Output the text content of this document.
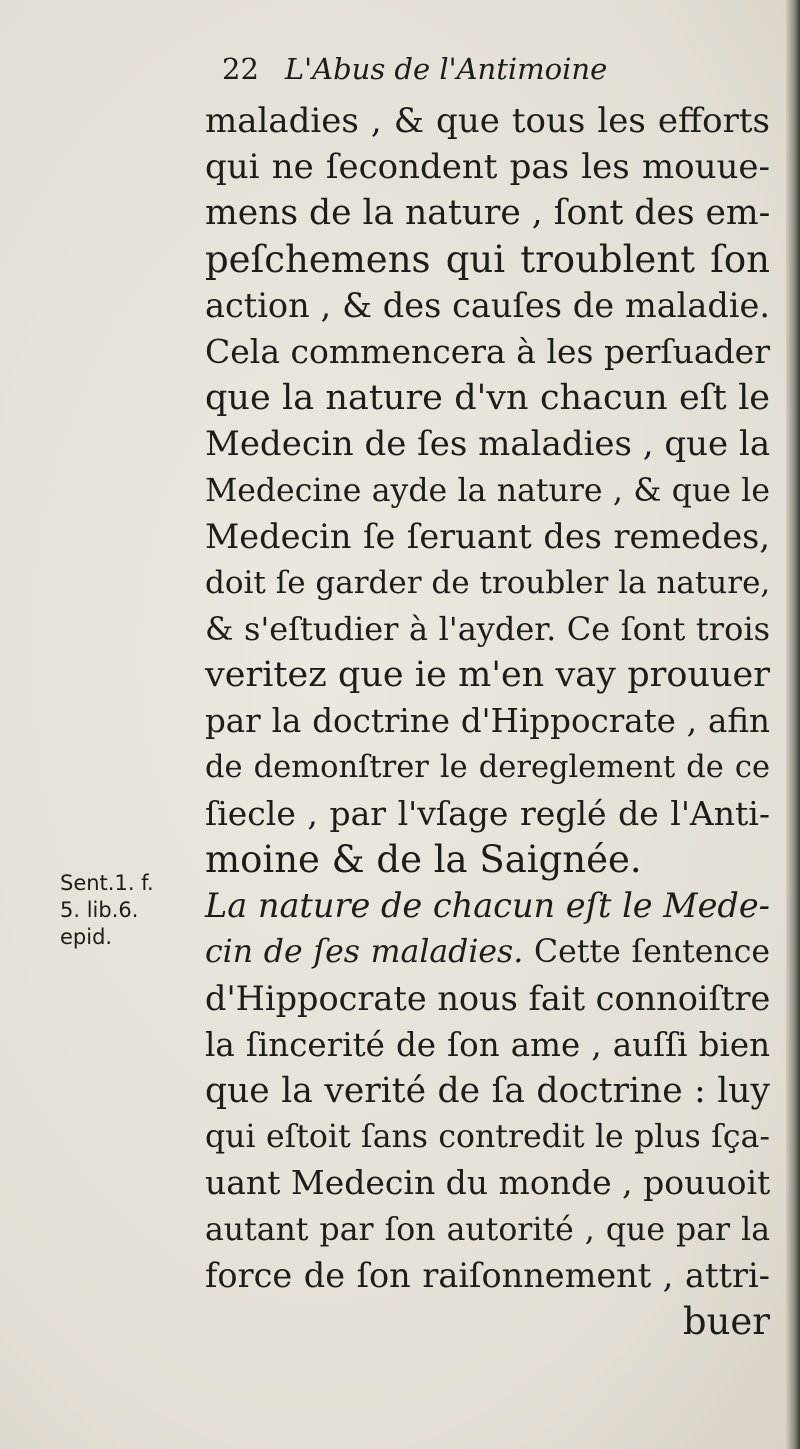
22 L'Abus de l'Antimoine
Sent.1. f.
5. lib.6.
epid.
maladies , & que tous les efforts
qui ne ſecondent pas les mouue-
mens de la nature , ſont des em-
peſchemens qui troublent ſon
action , & des cauſes de maladie.
Cela commencera à les perſuader
que la nature d'vn chacun eſt le
Medecin de ſes maladies , que la
Medecine ayde la nature , & que le
Medecin ſe ſeruant des remedes,
doit ſe garder de troubler la nature,
& s'eſtudier à l'ayder. Ce ſont trois
veritez que ie m'en vay prouuer
par la doctrine d'Hippocrate , afin
de demonſtrer le dereglement de ce
ſiecle , par l'vſage reglé de l'Anti-
moine & de la Saignée.
La nature de chacun eſt le Mede-
cin de ſes maladies. Cette ſentence
d'Hippocrate nous fait connoiſtre
la ſincerité de ſon ame , auſſi bien
que la verité de ſa doctrine : luy
qui eſtoit ſans contredit le plus ſça-
uant Medecin du monde , pouuoit
autant par ſon autorité , que par la
force de ſon raiſonnement , attri-
buer
